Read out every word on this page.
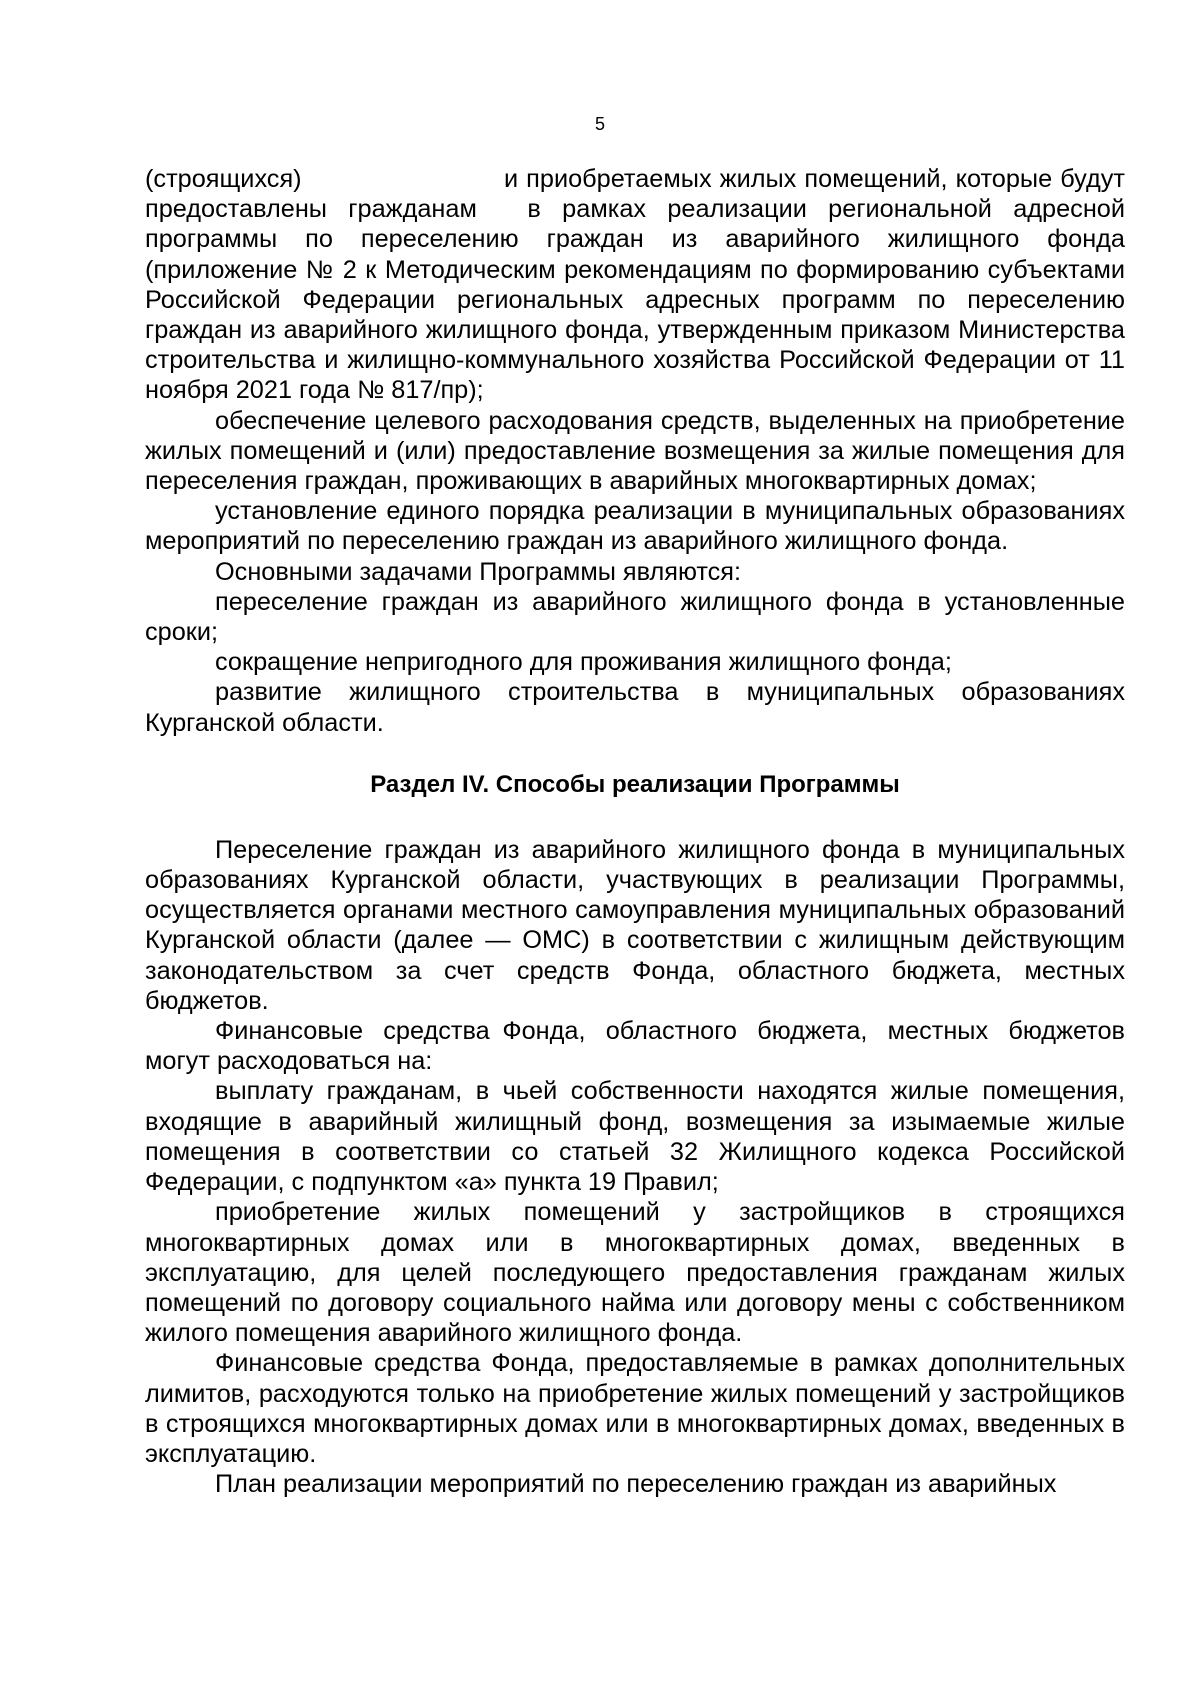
5

(строящихся)        и приобретаемых жилых помещений, которые будут предоставлены гражданам  в рамках реализации региональной адресной программы по переселению граждан из аварийного жилищного фонда (приложение № 2 к Методическим рекомендациям по формированию субъектами Российской Федерации региональных адресных программ по переселению граждан из аварийного жилищного фонда, утвержденным приказом Министерства строительства и жилищно-коммунального хозяйства Российской Федерации от 11 ноября 2021 года № 817/пр);

обеспечение целевого расходования средств, выделенных на приобретение жилых помещений и (или) предоставление возмещения за жилые помещения для переселения граждан, проживающих в аварийных многоквартирных домах;

установление единого порядка реализации в муниципальных образованиях мероприятий по переселению граждан из аварийного жилищного фонда.

Основными задачами Программы являются:

переселение граждан из аварийного жилищного фонда в установленные сроки;

сокращение непригодного для проживания жилищного фонда;

развитие жилищного строительства в муниципальных образованиях Курганской области.

Раздел IV. Способы реализации Программы

Переселение граждан из аварийного жилищного фонда в муниципальных образованиях Курганской области, участвующих в реализации Программы, осуществляется органами местного самоуправления муниципальных образований Курганской области (далее — ОМС) в соответствии с жилищным действующим законодательством за счет средств Фонда, областного бюджета, местных бюджетов.

Финансовые средства Фонда, областного бюджета, местных бюджетов могут расходоваться на:

выплату гражданам, в чьей собственности находятся жилые помещения, входящие в аварийный жилищный фонд, возмещения за изымаемые жилые помещения в соответствии со статьей 32 Жилищного кодекса Российской Федерации, с подпунктом «а» пункта 19 Правил;

приобретение жилых помещений у застройщиков в строящихся многоквартирных домах или в многоквартирных домах, введенных в эксплуатацию, для целей последующего предоставления гражданам жилых помещений по договору социального найма или договору мены с собственником жилого помещения аварийного жилищного фонда.

Финансовые средства Фонда, предоставляемые в рамках дополнительных лимитов, расходуются только на приобретение жилых помещений у застройщиков в строящихся многоквартирных домах или в многоквартирных домах, введенных в эксплуатацию.

План реализации мероприятий по переселению граждан из аварийных
